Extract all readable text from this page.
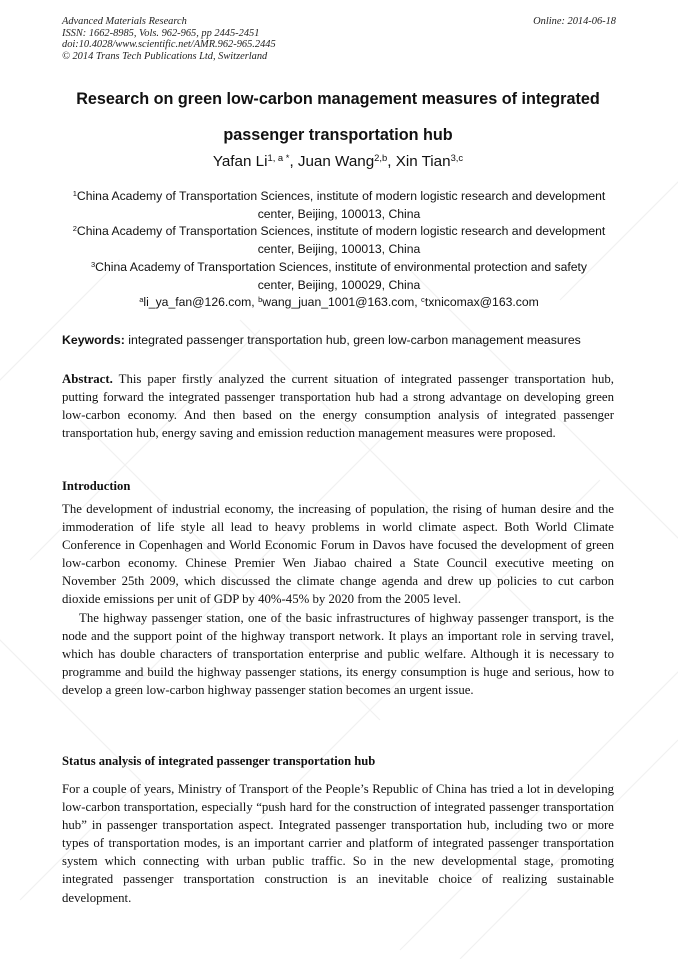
Advanced Materials Research
ISSN: 1662-8985, Vols. 962-965, pp 2445-2451
doi:10.4028/www.scientific.net/AMR.962-965.2445
© 2014 Trans Tech Publications Ltd, Switzerland
Online: 2014-06-18
Research on green low-carbon management measures of integrated
passenger transportation hub
Yafan $Li^{1, a *}$, Juan Wang$^{2,b}$, Xin Tian$^{3,c}$
$^1$China Academy of Transportation Sciences, institute of modern logistic research and development
center, Beijing, 100013, China
$^2$China Academy of Transportation Sciences, institute of modern logistic research and development
center, Beijing, 100013, China
$^3$China Academy of Transportation Sciences, institute of environmental protection and safety
center, Beijing, 100029, China
$^a$li_ya_fan@126.com, $^b$wang_juan_1001@163.com, $^c$txnicomax@163.com
Keywords: integrated passenger transportation hub, green low-carbon management measures

Abstract. This paper firstly analyzed the current situation of integrated passenger transportation hub, putting forward the integrated passenger transportation hub had a strong advantage on developing green low-carbon economy. And then based on the energy consumption analysis of integrated passenger transportation hub, energy saving and emission reduction management measures were proposed.

Introduction

The development of industrial economy, the increasing of population, the rising of human desire and the immoderation of life style all lead to heavy problems in world climate aspect. Both World Climate Conference in Copenhagen and World Economic Forum in Davos have focused the development of green low-carbon economy. Chinese Premier Wen Jiabao chaired a State Council executive meeting on November 25th 2009, which discussed the climate change agenda and drew up policies to cut carbon dioxide emissions per unit of GDP by 40%-45% by 2020 from the 2005 level.

The highway passenger station, one of the basic infrastructures of highway passenger transport, is the node and the support point of the highway transport network. It plays an important role in serving travel, which has double characters of transportation enterprise and public welfare. Although it is necessary to programme and build the highway passenger stations, its energy consumption is huge and serious, how to develop a green low-carbon highway passenger station becomes an urgent issue.

Status analysis of integrated passenger transportation hub

For a couple of years, Ministry of Transport of the People’s Republic of China has tried a lot in developing low-carbon transportation, especially “push hard for the construction of integrated passenger transportation hub” in passenger transportation aspect. Integrated passenger transportation hub, including two or more types of transportation modes, is an important carrier and platform of integrated passenger transportation system which connecting with urban public traffic. So in the new developmental stage, promoting integrated passenger transportation construction is an inevitable choice of realizing sustainable development.
